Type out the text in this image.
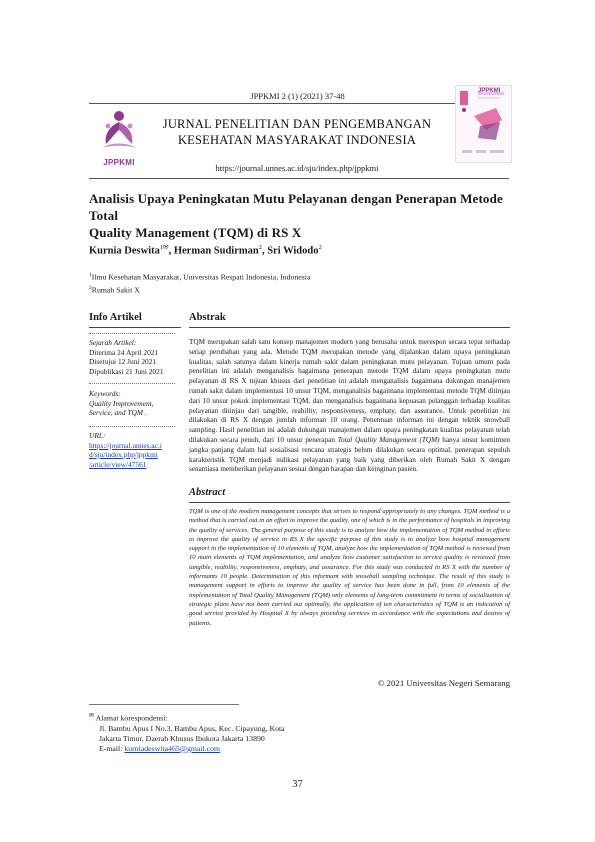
JPPKMI 2 (1) (2021) 37-48
JPPKMI
JURNAL PENELITIAN DAN PENGEMBANGAN
KESEHATAN MASYARAKAT INDONESIA
https://journal.unnes.ac.id/sju/index.php/jppkmi
JPPKMI
Analisis Upaya Peningkatan Mutu Pelayanan dengan Penerapan Metode Total
Quality Management (TQM) di RS X
Kurnia Deswita$^{1✉}$, Herman Sudirman$^2$, Sri Widodo$^2$
$^1$Ilmu Kesehatan Masyarakat, Universitas Respati Indonesia, Indonesia
$^2$Rumah Sakit X
Info Artikel	Abstrak
Sejarah Artikel:
Diterima 24 April 2021
Disetujui 12 Juni 2021
Dipublikasi 21 Juni 2021
Keywords:
Quality Improvement,
Service, and TQM .
URL:
https://journal.unnes.ac.i
d/sju/index.php/jppkmi
/article/view/47561
TQM merupakan salah satu konsep manajemen modern yang berusaha untuk merespon secara tepat terhadap setiap perubahan yang ada. Metode TQM merupakan metode yang dijalankan dalam upaya peningkatan kualitas, salah satunya dalam kinerja rumah sakit dalam peningkatan mutu pelayanan. Tujuan umum pada penelitian ini adalah menganalisis bagaimana penerapan metode TQM dalam upaya peningkatan mutu pelayanan di RS X tujuan khusus dari penelitian ini adalah menganalisis bagaimana dukungan manajemen rumah sakit dalam implementasi 10 unsur TQM, menganalisis bagaimana implementasi metode TQM ditinjau dari 10 unsur pokok implementasi TQM, dan menganalisis bagaimana kepuasan pelanggan terhadap kualitas pelayanan ditinjau dari tangible, reability, responsiveness, emphaty, dan assurance. Untuk penelitian ini dilakukan di RS X dengan jumlah informan 10 orang. Penentuan informan ini dengan teknik snowball sampling. Hasil penelitian ini adalah dukungan manajemen dalam upaya peningkatan kualitas pelayanan telah dilakukan secara penuh, dari 10 unsur penerapan Total Quality Management (TQM) hanya unsur komitmen jangka panjang dalam hal sosialisasi rencana strategis belum dilakukan secara optimal, penerapan sepuluh karakteristik TQM menjadi indikasi pelayanan yang baik yang diberikan oleh Rumah Sakit X dengan senantiasa memberikan pelayanan sesuai dengan harapan dan keinginan pasien.
Abstract
TQM is one of the modern management concepts that strives to respond appropriately to any changes. TQM method is a method that is carried out in an effort to improve the quality, one of which is in the performance of hospitals in improving the quality of services. The general purpose of this study is to analyze how the implementation of TQM method in efforts to improve the quality of service in RS X the specific purpose of this study is to analyze how hospital management support in the implementation of 10 elements of TQM, analyze how the implementation of TQM method is reviewed from 10 main elements of TQM implementation, and analyze how customer satisfaction to service quality is reviewed from tangible, reability, responsiveness, emphaty, and assurance. For this study was conducted in RS X with the number of informants 10 people. Determination of this informant with snowball sampling technique. The result of this study is management support in efforts to improve the quality of service has been done in full, from 10 elements of the implementation of Total Quality Management (TQM) only elements of long-term commitment in terms of socialization of strategic plans have not been carried out optimally, the application of ten characteristics of TQM is an indication of good service provided by Hospital X by always providing services in accordance with the expectations and desires of patients.
© 2021 Universitas Negeri Semarang
✉ Alamat korespondensi:
Jl. Bambu Apus I No.3, Bambu Apus, Kec. Cipayung, Kota
Jakarta Timur, Daerah Khusus Ibukota Jakarta 13890
E-mail: kurniadeswita465@gmail.com
37
